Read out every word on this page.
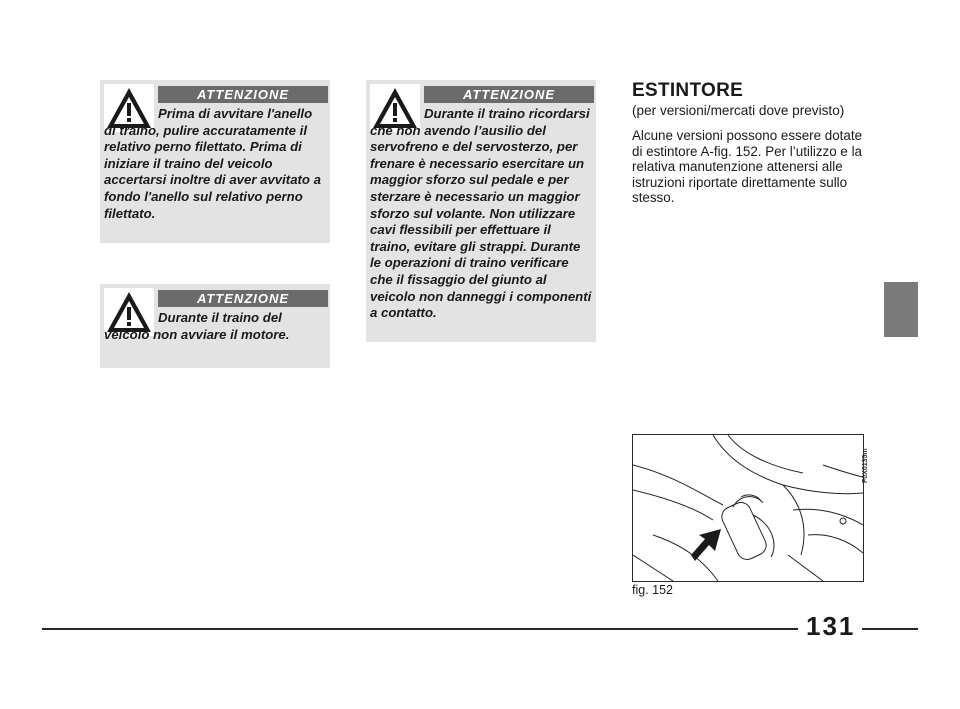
ATTENZIONE

Prima di avvitare l'anello di traino, pulire accuratamente il relativo perno filettato. Prima di iniziare il traino del veicolo accertarsi inoltre di aver avvitato a fondo l'anello sul relativo perno filettato.

ATTENZIONE

Durante il traino del veicolo non avviare il motore.

ATTENZIONE

Durante il traino ricordarsi che non avendo l’ausilio del servofreno e del servosterzo, per frenare è necessario esercitare un maggior sforzo sul pedale e per sterzare è necessario un maggior sforzo sul volante. Non utilizzare cavi flessibili per effettuare il traino, evitare gli strappi. Durante le operazioni di traino verificare che il fissaggio del giunto al veicolo non danneggi i componenti a contatto.

ESTINTORE
(per versioni/mercati dove previsto)

Alcune versioni possono essere dotate di estintore A-fig. 152. Per l’utilizzo e la relativa manutenzione attenersi alle istruzioni riportate direttamente sullo stesso.

F0X0135m
fig. 152
131
